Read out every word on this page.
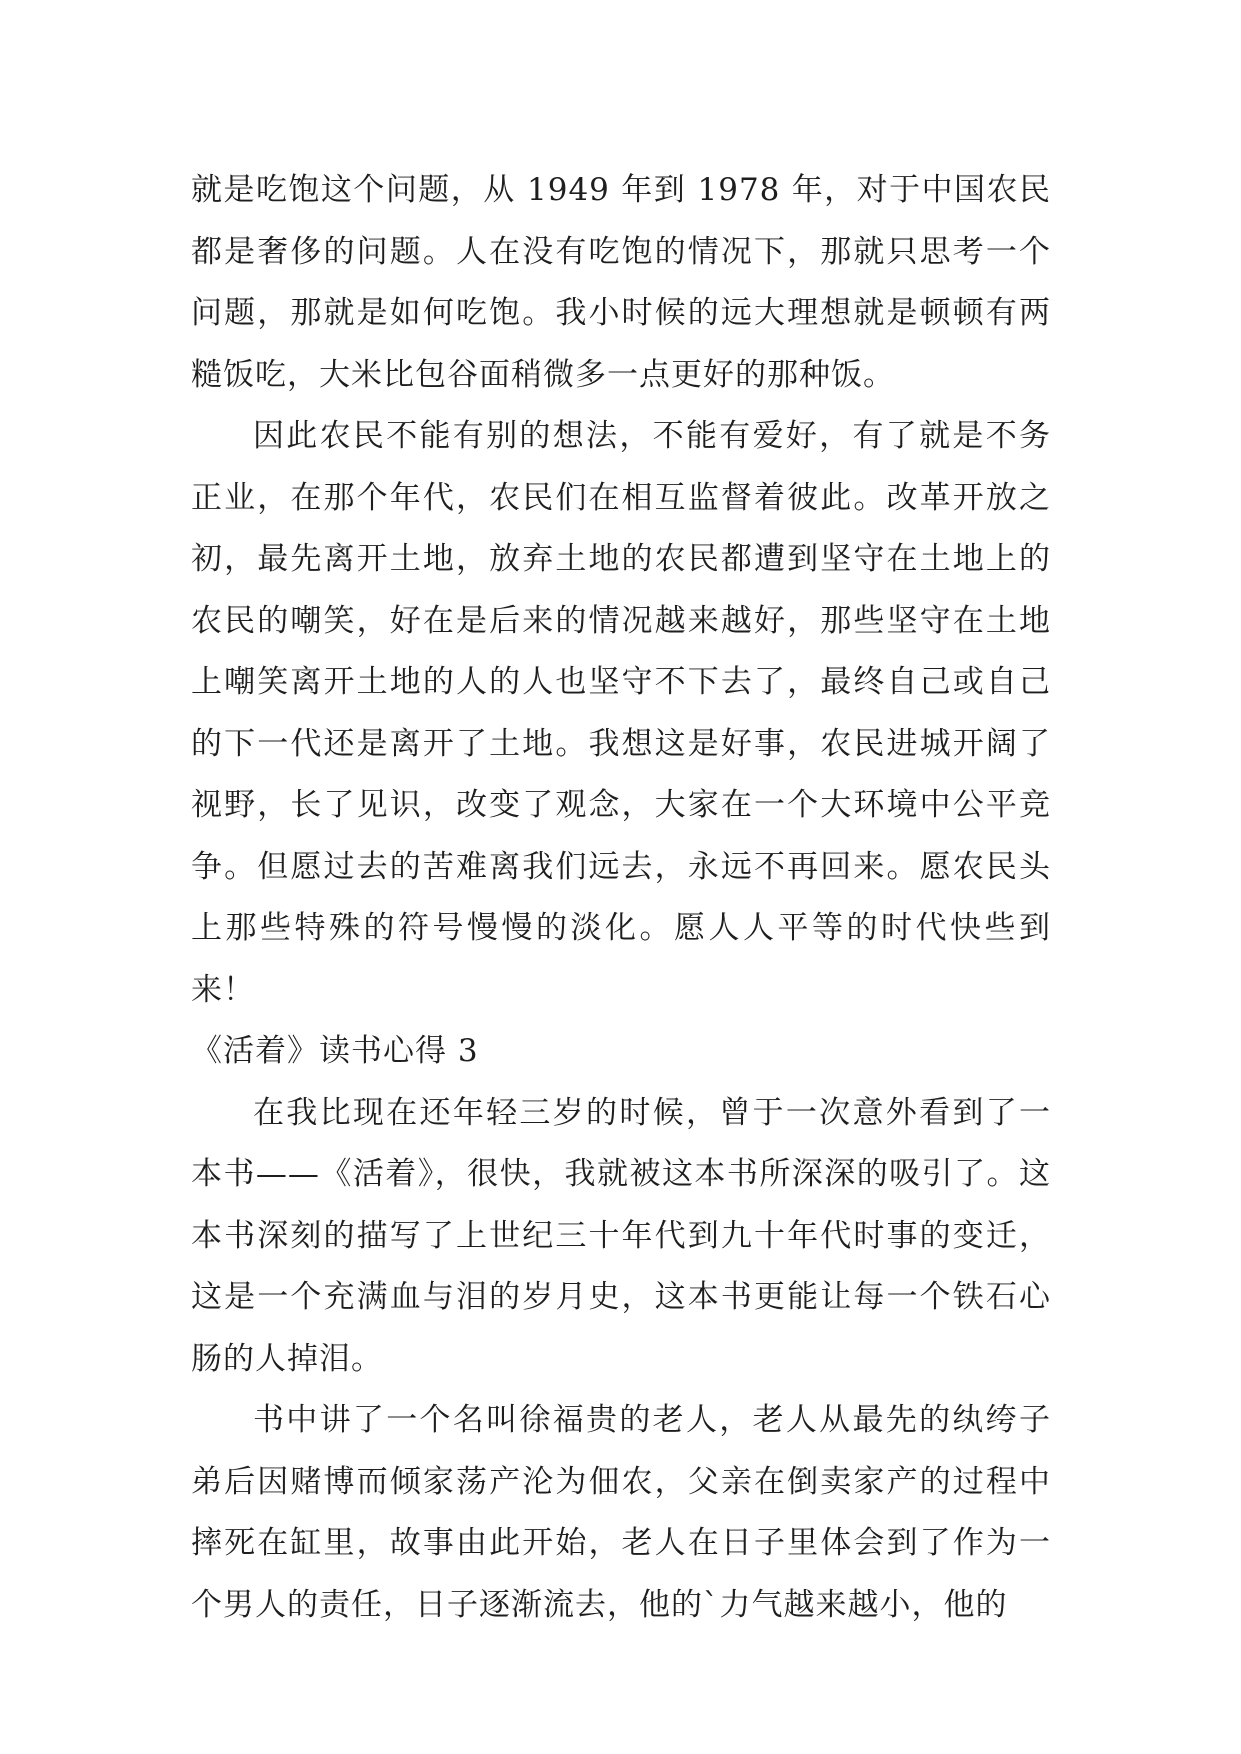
就是吃饱这个问题，从 1949 年到 1978 年，对于中国农民都是奢侈的问题。人在没有吃饱的情况下，那就只思考一个问题，那就是如何吃饱。我小时候的远大理想就是顿顿有两糙饭吃，大米比包谷面稍微多一点更好的那种饭。

因此农民不能有别的想法，不能有爱好，有了就是不务正业，在那个年代，农民们在相互监督着彼此。改革开放之初，最先离开土地，放弃土地的农民都遭到坚守在土地上的农民的嘲笑，好在是后来的情况越来越好，那些坚守在土地上嘲笑离开土地的人的人也坚守不下去了，最终自己或自己的下一代还是离开了土地。我想这是好事，农民进城开阔了视野，长了见识，改变了观念，大家在一个大环境中公平竞争。但愿过去的苦难离我们远去，永远不再回来。愿农民头上那些特殊的符号慢慢的淡化。愿人人平等的时代快些到来！

《活着》读书心得 3

在我比现在还年轻三岁的时候，曾于一次意外看到了一本书——《活着》，很快，我就被这本书所深深的吸引了。这本书深刻的描写了上世纪三十年代到九十年代时事的变迁，这是一个充满血与泪的岁月史，这本书更能让每一个铁石心肠的人掉泪。

书中讲了一个名叫徐福贵的老人，老人从最先的纨绔子弟后因赌博而倾家荡产沦为佃农，父亲在倒卖家产的过程中摔死在缸里，故事由此开始，老人在日子里体会到了作为一个男人的责任，日子逐渐流去，他的`力气越来越小，他的
